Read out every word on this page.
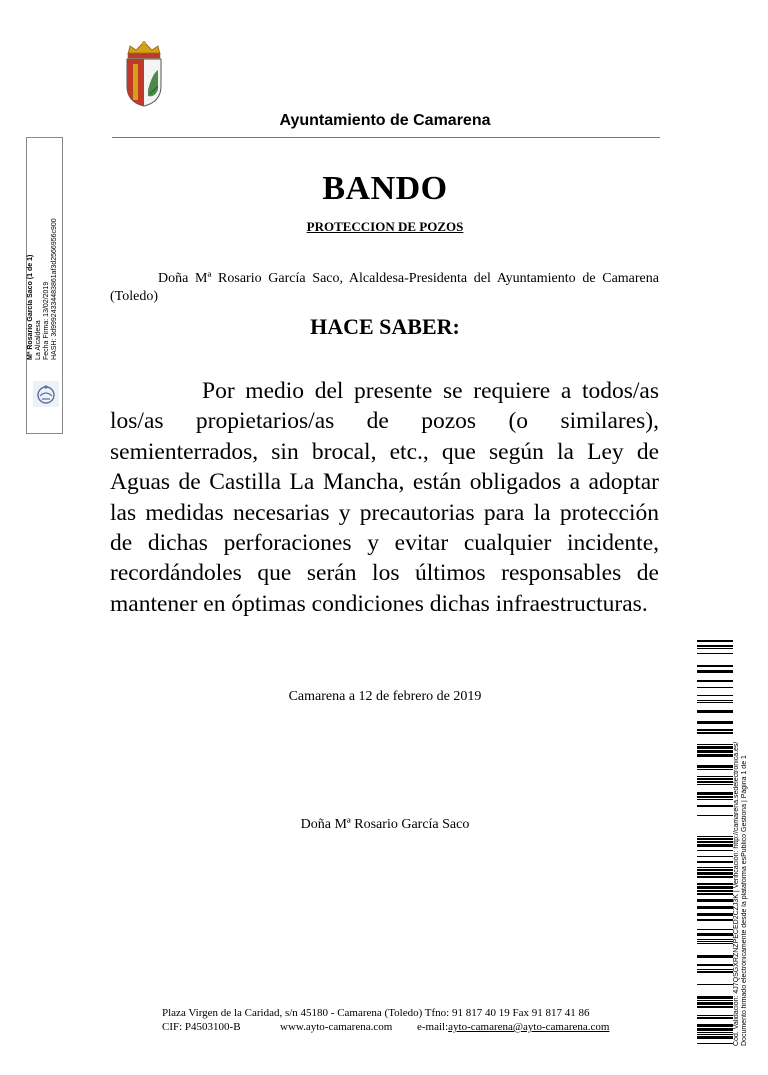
Ayuntamiento de Camarena
BANDO
PROTECCION DE POZOS
Doña Mª Rosario García Saco, Alcaldesa-Presidenta del Ayuntamiento de Camarena (Toledo)
HACE SABER:
Por medio del presente se requiere a todos/as los/as propietarios/as de pozos (o similares), semienterrados, sin brocal, etc., que según la Ley de Aguas de Castilla La Mancha, están obligados a adoptar las medidas necesarias y precautorias para la protección de dichas perforaciones y evitar cualquier incidente, recordándoles que serán los últimos responsables de mantener en óptimas condiciones dichas infraestructuras.
Camarena a 12 de febrero de 2019
Doña Mª Rosario García Saco
Plaza Virgen de la Caridad, s/n 45180 - Camarena (Toledo) Tfno: 91 817 40 19 Fax 91 817 41 86
CIF: P4503100-B	www.ayto-camarena.com e-mail:ayto-camarena@ayto-camarena.com
Mª Rosario García Saco (1 de 1) La Alcaldesa Fecha Firma: 13/02/2019 HASH: 3d99924334483861af3d2566956c900
Cód. Validación: 4J7QSGXRZNZPECED2CZJ3K | Verificación: http://camarena.sedelectronica.es/ Documento firmado electrónicamente desde la plataforma esPublico Gestiona | Página 1 de 1
